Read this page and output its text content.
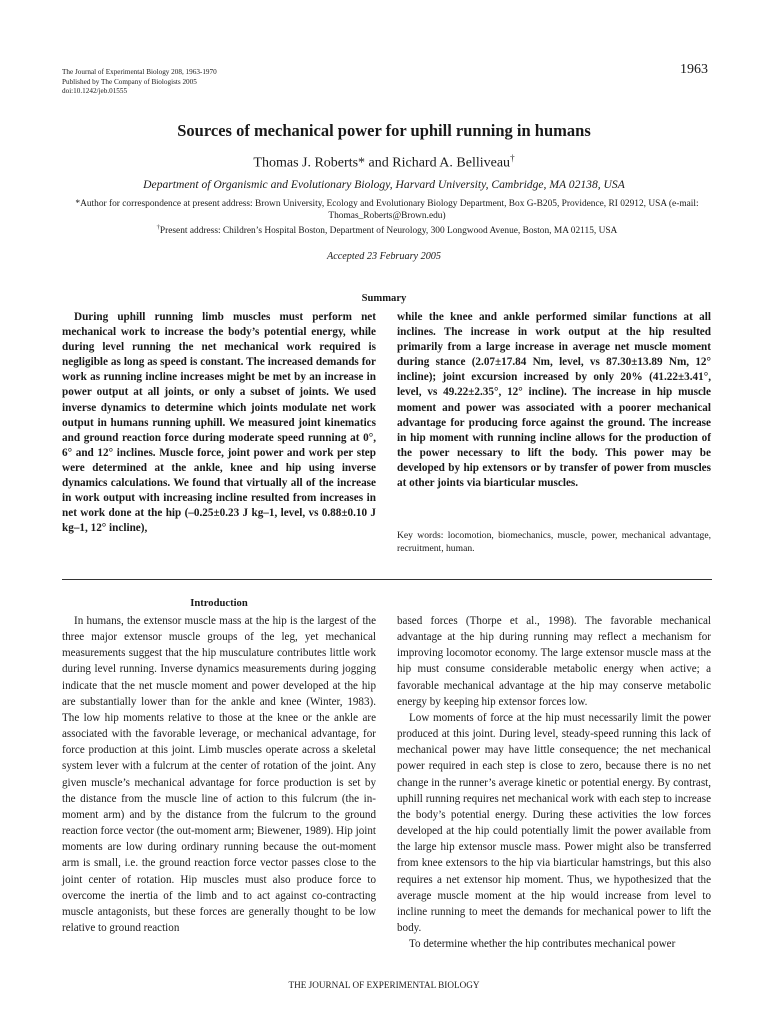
The Journal of Experimental Biology 208, 1963-1970
Published by The Company of Biologists 2005
doi:10.1242/jeb.01555
1963
Sources of mechanical power for uphill running in humans
Thomas J. Roberts* and Richard A. Belliveau†
Department of Organismic and Evolutionary Biology, Harvard University, Cambridge, MA 02138, USA
*Author for correspondence at present address: Brown University, Ecology and Evolutionary Biology Department, Box G-B205, Providence, RI 02912, USA (e-mail: Thomas_Roberts@Brown.edu)
†Present address: Children’s Hospital Boston, Department of Neurology, 300 Longwood Avenue, Boston, MA 02115, USA
Accepted 23 February 2005
Summary

During uphill running limb muscles must perform net mechanical work to increase the body’s potential energy, while during level running the net mechanical work required is negligible as long as speed is constant. The increased demands for work as running incline increases might be met by an increase in power output at all joints, or only a subset of joints. We used inverse dynamics to determine which joints modulate net work output in humans running uphill. We measured joint kinematics and ground reaction force during moderate speed running at 0°, 6° and 12° inclines. Muscle force, joint power and work per step were determined at the ankle, knee and hip using inverse dynamics calculations. We found that virtually all of the increase in work output with increasing incline resulted from increases in net work done at the hip (–0.25±0.23 J kg–1, level, vs 0.88±0.10 J kg–1, 12° incline),

while the knee and ankle performed similar functions at all inclines. The increase in work output at the hip resulted primarily from a large increase in average net muscle moment during stance (2.07±17.84 Nm, level, vs 87.30±13.89 Nm, 12° incline); joint excursion increased by only 20% (41.22±3.41°, level, vs 49.22±2.35°, 12° incline). The increase in hip muscle moment and power was associated with a poorer mechanical advantage for producing force against the ground. The increase in hip moment with running incline allows for the production of the power necessary to lift the body. This power may be developed by hip extensors or by transfer of power from muscles at other joints via biarticular muscles.

Key words: locomotion, biomechanics, muscle, power, mechanical advantage, recruitment, human.
Introduction

In humans, the extensor muscle mass at the hip is the largest of the three major extensor muscle groups of the leg, yet mechanical measurements suggest that the hip musculature contributes little work during level running. Inverse dynamics measurements during jogging indicate that the net muscle moment and power developed at the hip are substantially lower than for the ankle and knee (Winter, 1983). The low hip moments relative to those at the knee or the ankle are associated with the favorable leverage, or mechanical advantage, for force production at this joint. Limb muscles operate across a skeletal system lever with a fulcrum at the center of rotation of the joint. Any given muscle’s mechanical advantage for force production is set by the distance from the muscle line of action to this fulcrum (the in-moment arm) and by the distance from the fulcrum to the ground reaction force vector (the out-moment arm; Biewener, 1989). Hip joint moments are low during ordinary running because the out-moment arm is small, i.e. the ground reaction force vector passes close to the joint center of rotation. Hip muscles must also produce force to overcome the inertia of the limb and to act against co-contracting muscle antagonists, but these forces are generally thought to be low relative to ground reaction

based forces (Thorpe et al., 1998). The favorable mechanical advantage at the hip during running may reflect a mechanism for improving locomotor economy. The large extensor muscle mass at the hip must consume considerable metabolic energy when active; a favorable mechanical advantage at the hip may conserve metabolic energy by keeping hip extensor forces low.

Low moments of force at the hip must necessarily limit the power produced at this joint. During level, steady-speed running this lack of mechanical power may have little consequence; the net mechanical power required in each step is close to zero, because there is no net change in the runner’s average kinetic or potential energy. By contrast, uphill running requires net mechanical work with each step to increase the body’s potential energy. During these activities the low forces developed at the hip could potentially limit the power available from the large hip extensor muscle mass. Power might also be transferred from knee extensors to the hip via biarticular hamstrings, but this also requires a net extensor hip moment. Thus, we hypothesized that the average muscle moment at the hip would increase from level to incline running to meet the demands for mechanical power to lift the body.

To determine whether the hip contributes mechanical power

THE JOURNAL OF EXPERIMENTAL BIOLOGY
